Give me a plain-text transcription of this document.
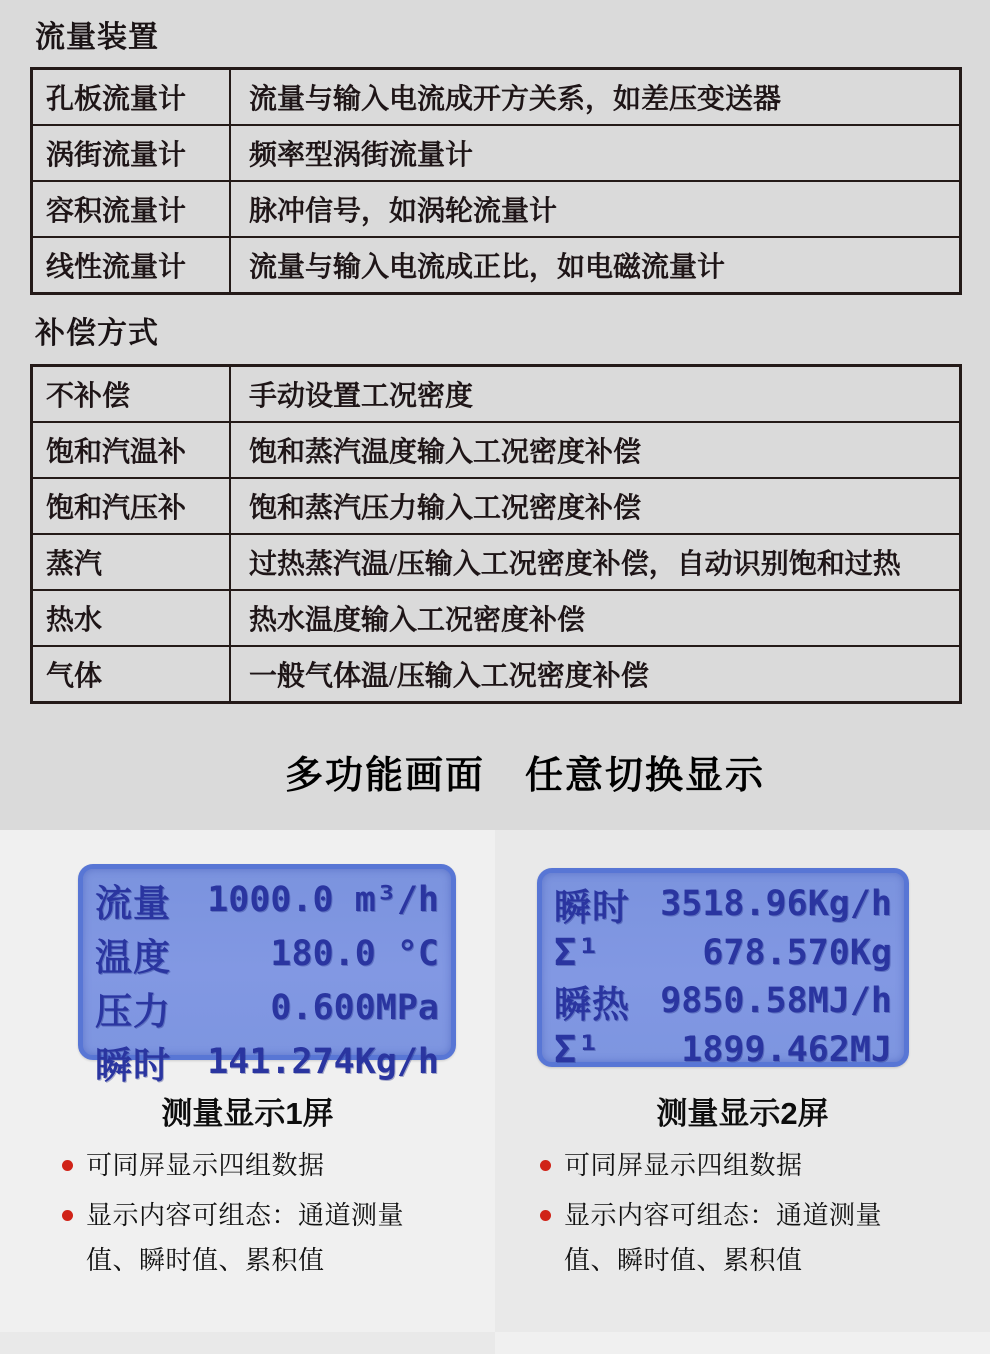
流量装置
孔板流量计	流量与输入电流成开方关系，如差压变送器
涡街流量计	频率型涡街流量计
容积流量计	脉冲信号，如涡轮流量计
线性流量计	流量与输入电流成正比，如电磁流量计
补偿方式
不补偿	手动设置工况密度
饱和汽温补	饱和蒸汽温度输入工况密度补偿
饱和汽压补	饱和蒸汽压力输入工况密度补偿
蒸汽	过热蒸汽温/压输入工况密度补偿，自动识别饱和过热
热水	热水温度输入工况密度补偿
气体	一般气体温/压输入工况密度补偿
多功能画面　任意切换显示
流量	1000.0 m³/h
温度	180.0 °C
压力	0.600MPa
瞬时	141.274Kg/h
瞬时 3518.96Kg/h
Σ¹	678.570Kg
瞬热 9850.58MJ/h
Σ¹	1899.462MJ
测量显示1屏
可同屏显示四组数据
显示内容可组态：通道测量值、瞬时值、累积值
测量显示2屏
可同屏显示四组数据
显示内容可组态：通道测量值、瞬时值、累积值
